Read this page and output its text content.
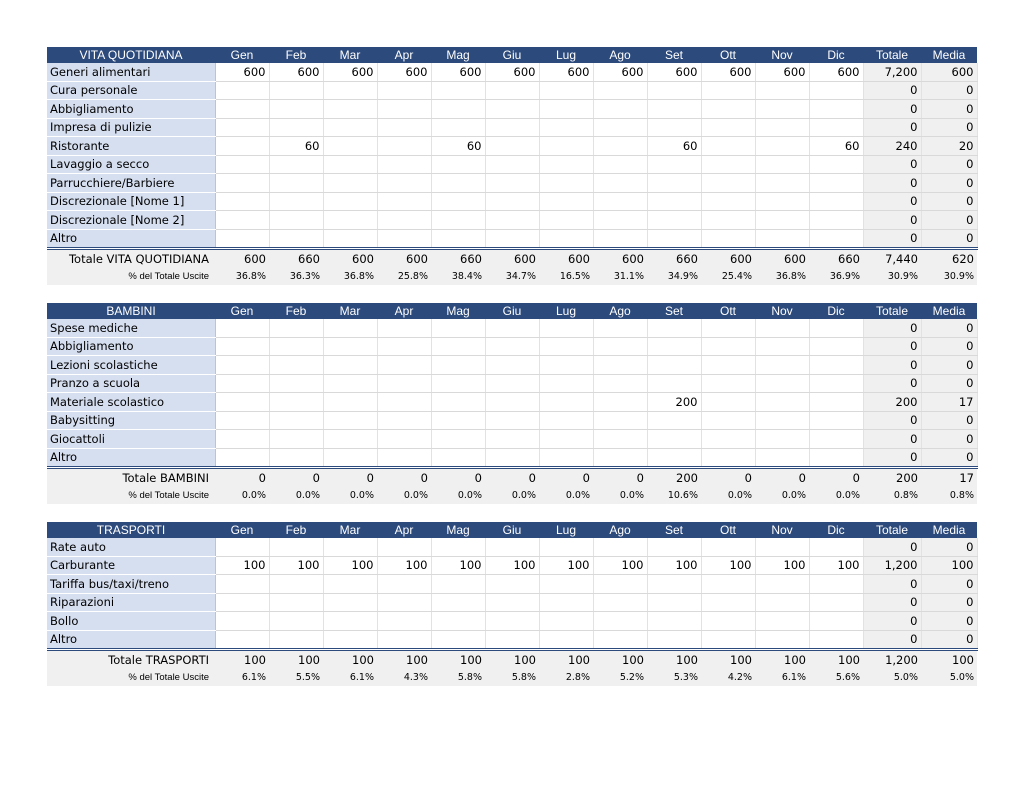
VITA QUOTIDIANA	Gen	Feb	Mar	Apr	Mag	Giu	Lug	Ago	Set	Ott	Nov	Dic	Totale	Media
Generi alimentari	600	600	600	600	600	600	600	600	600	600	600	600	7,200	600
Cura personale													0	0
Abbigliamento													0	0
Impresa di pulizie													0	0
Ristorante		60			60				60			60	240	20
Lavaggio a secco													0	0
Parrucchiere/Barbiere													0	0
Discrezionale [Nome 1]													0	0
Discrezionale [Nome 2]													0	0
Altro													0	0
Totale VITA QUOTIDIANA	600	660	600	600	660	600	600	600	660	600	600	660	7,440	620
% del Totale Uscite	36.8%	36.3%	36.8%	25.8%	38.4%	34.7%	16.5%	31.1%	34.9%	25.4%	36.8%	36.9%	30.9%	30.9%
BAMBINI	Gen	Feb	Mar	Apr	Mag	Giu	Lug	Ago	Set	Ott	Nov	Dic	Totale	Media
Spese mediche													0	0
Abbigliamento													0	0
Lezioni scolastiche													0	0
Pranzo a scuola													0	0
Materiale scolastico									200				200	17
Babysitting													0	0
Giocattoli													0	0
Altro													0	0
Totale BAMBINI	0	0	0	0	0	0	0	0	200	0	0	0	200	17
% del Totale Uscite	0.0%	0.0%	0.0%	0.0%	0.0%	0.0%	0.0%	0.0%	10.6%	0.0%	0.0%	0.0%	0.8%	0.8%
TRASPORTI	Gen	Feb	Mar	Apr	Mag	Giu	Lug	Ago	Set	Ott	Nov	Dic	Totale	Media
Rate auto													0	0
Carburante	100	100	100	100	100	100	100	100	100	100	100	100	1,200	100
Tariffa bus/taxi/treno													0	0
Riparazioni													0	0
Bollo													0	0
Altro													0	0
Totale TRASPORTI	100	100	100	100	100	100	100	100	100	100	100	100	1,200	100
% del Totale Uscite	6.1%	5.5%	6.1%	4.3%	5.8%	5.8%	2.8%	5.2%	5.3%	4.2%	6.1%	5.6%	5.0%	5.0%
